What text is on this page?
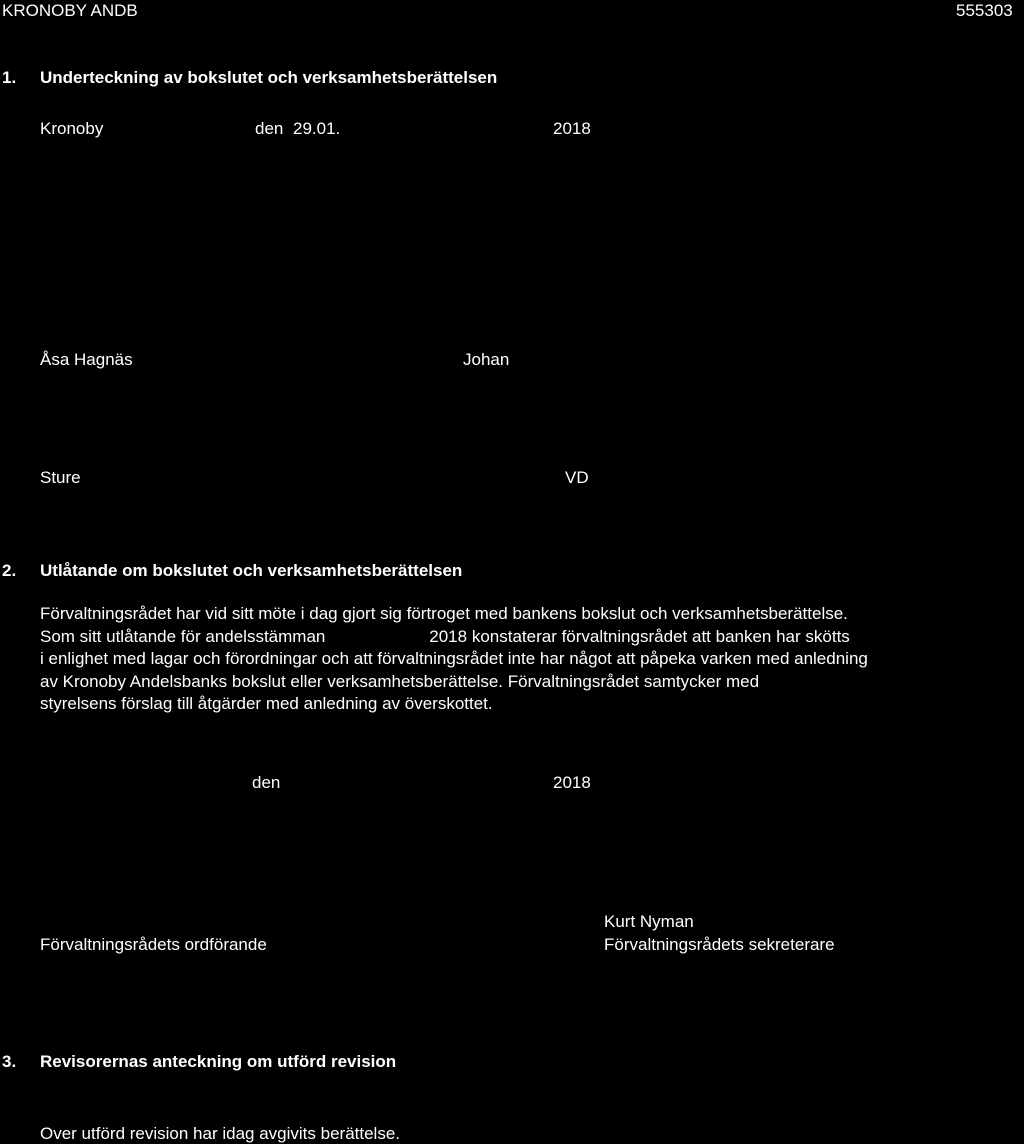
KRONOBY ANDB	555303
1. Underteckning av bokslutet och verksamhetsberättelsen
Kronoby	den 29.01.	2018
Åsa Hagnäs	Johan
Sture	VD
2. Utlåtande om bokslutet och verksamhetsberättelsen
Förvaltningsrådet har vid sitt möte i dag gjort sig förtroget med bankens bokslut och verksamhetsberättelse.
Som sitt utlåtande för andelsstämman                      2018 konstaterar förvaltningsrådet att banken har skötts
i enlighet med lagar och förordningar och att förvaltningsrådet inte har något att påpeka varken med anledning
av Kronoby Andelsbanks bokslut eller verksamhetsberättelse. Förvaltningsrådet samtycker med
styrelsens förslag till åtgärder med anledning av överskottet.
den	2018
Kurt Nyman
Förvaltningsrådets ordförande	Förvaltningsrådets sekreterare
3. Revisorernas anteckning om utförd revision
Over utförd revision har idag avgivits berättelse.
